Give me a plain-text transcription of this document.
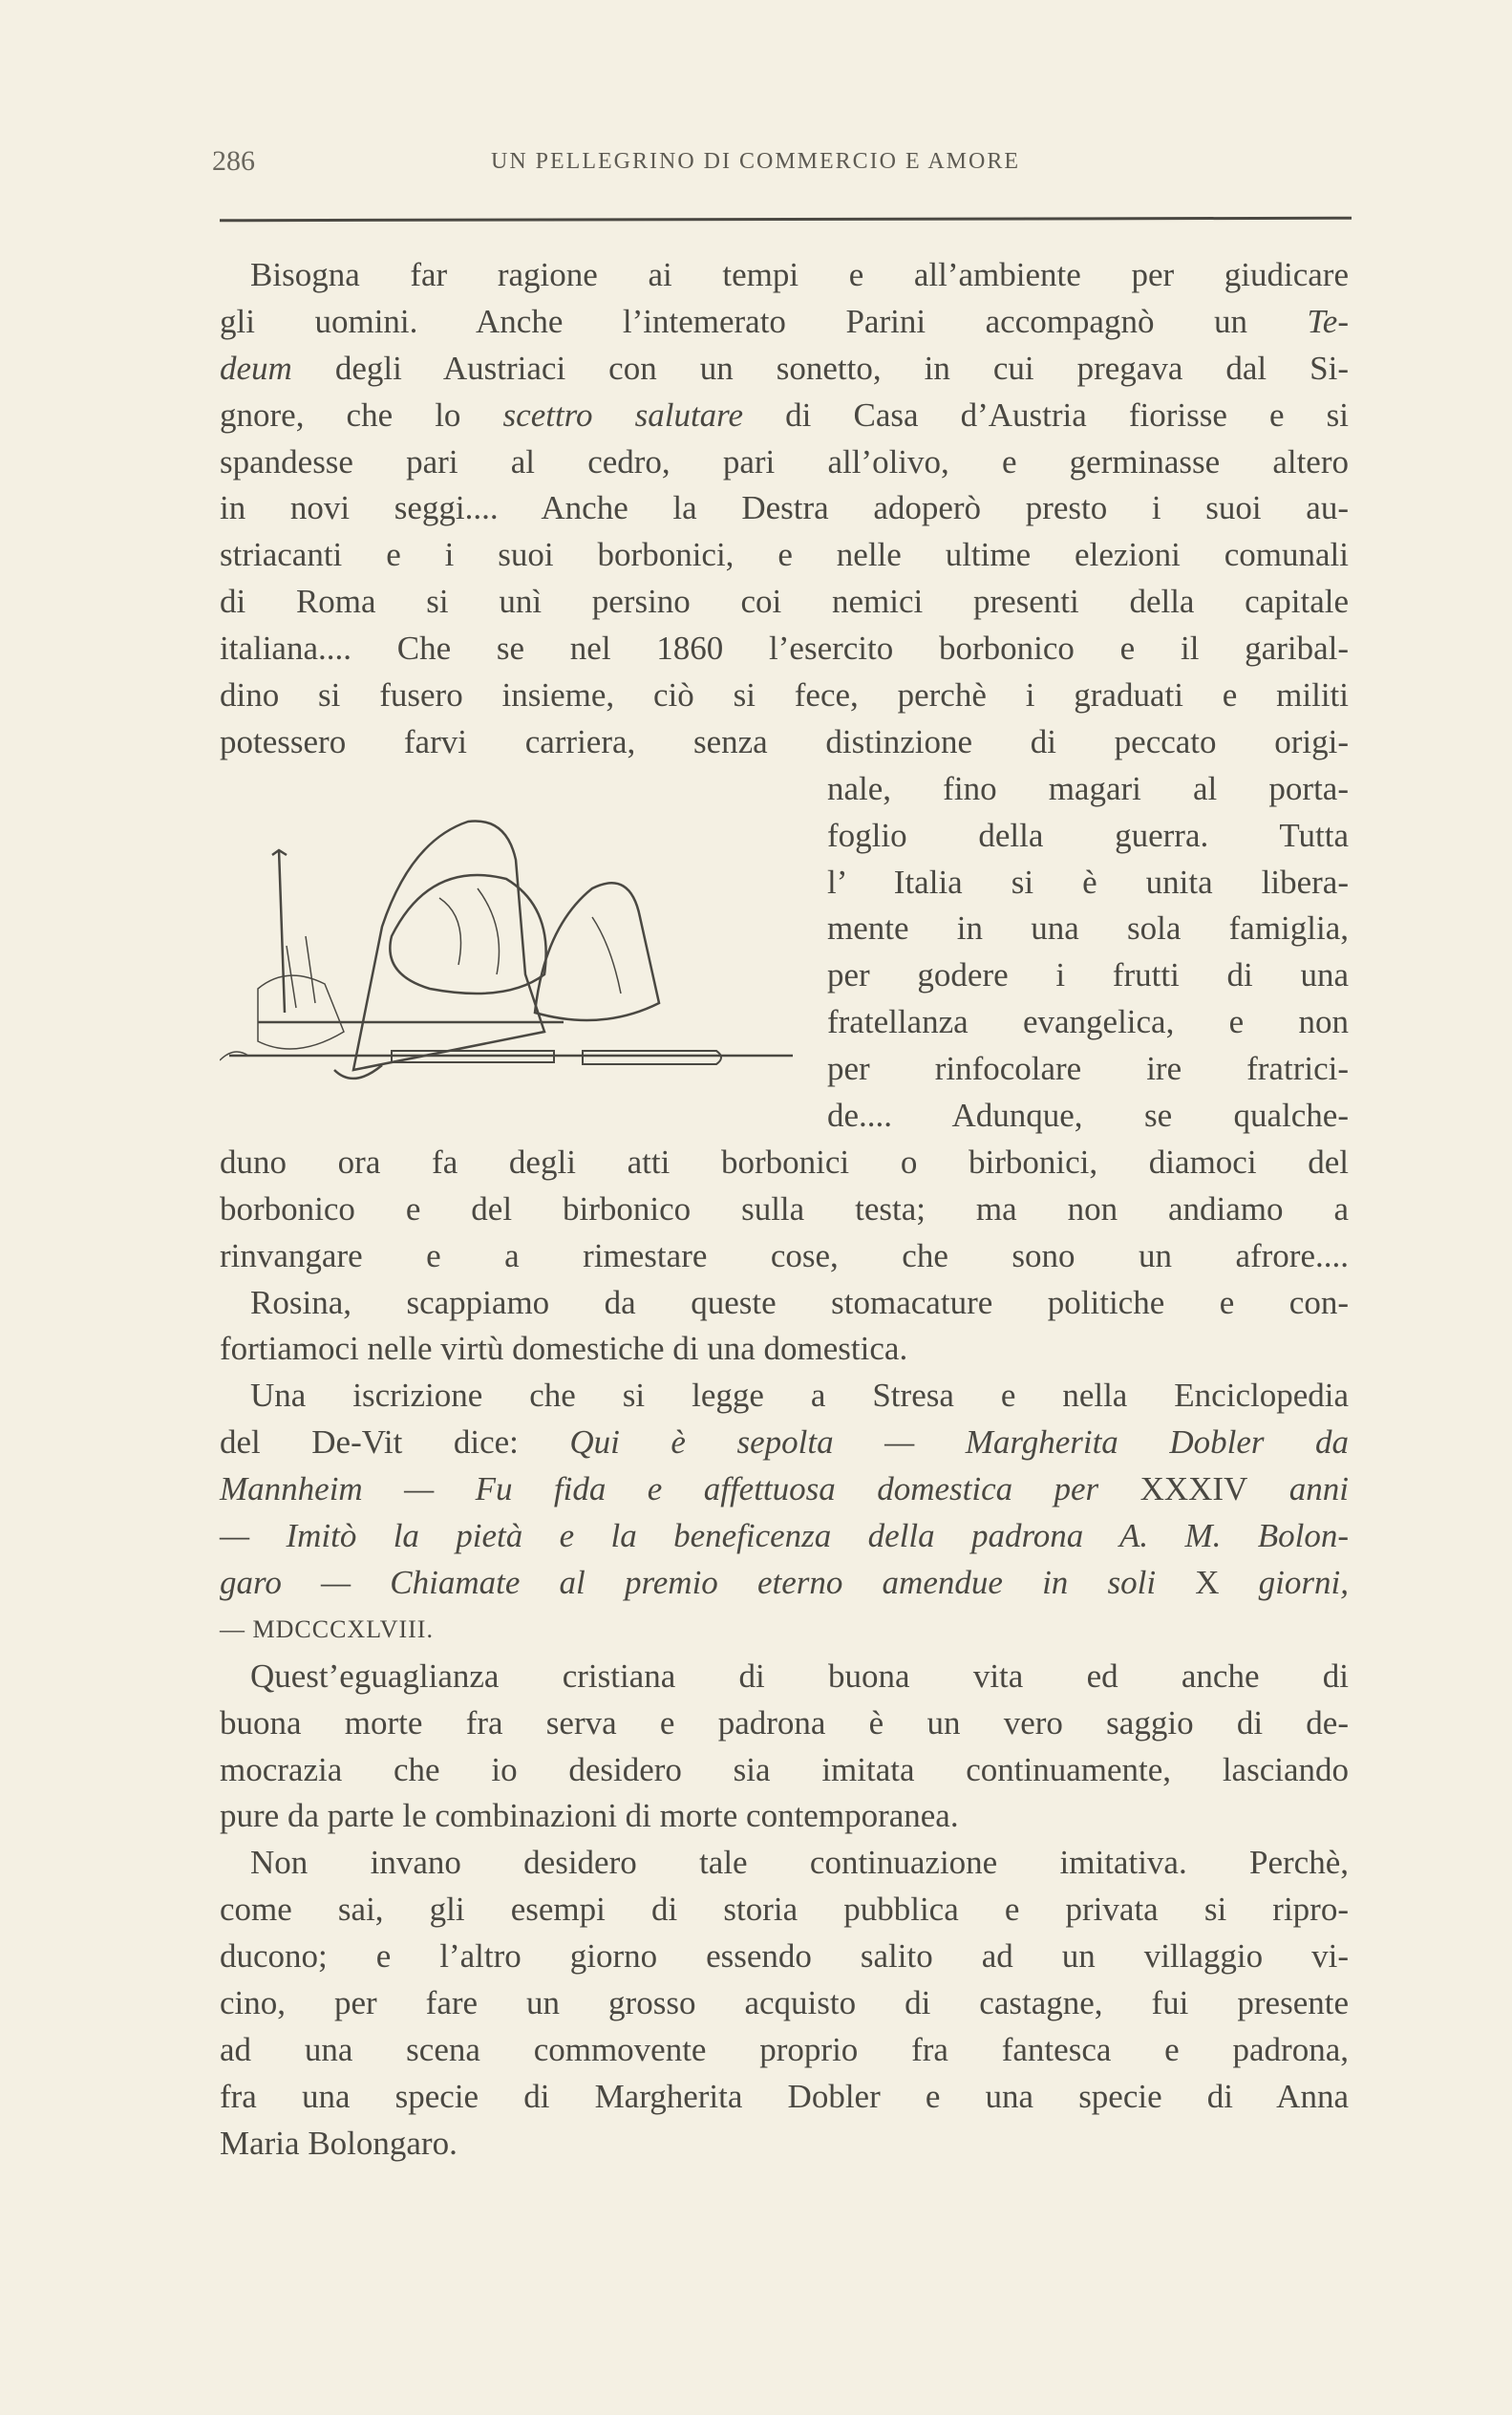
286	UN PELLEGRINO DI COMMERCIO E AMORE
Bisogna far ragione ai tempi e all’ambiente per giudicare
gli uomini. Anche l’intemerato Parini accompagnò un Te-
deum degli Austriaci con un sonetto, in cui pregava dal Si-
gnore, che lo scettro salutare di Casa d’Austria fiorisse e si
spandesse pari al cedro, pari all’olivo, e germinasse altero
in novi seggi.... Anche la Destra adoperò presto i suoi au-
striacanti e i suoi borbonici, e nelle ultime elezioni comunali
di Roma si unì persino coi nemici presenti della capitale
italiana.... Che se nel 1860 l’esercito borbonico e il garibal-
dino si fusero insieme, ciò si fece, perchè i graduati e militi
potessero farvi carriera, senza distinzione di peccato origi-
nale, fino magari al porta-
foglio della guerra. Tutta
l’ Italia si è unita libera-
mente in una sola famiglia,
per godere i frutti di una
fratellanza evangelica, e non
per rinfocolare ire fratrici-
de.... Adunque, se qualche-
duno ora fa degli atti borbonici o birbonici, diamoci del
borbonico e del birbonico sulla testa; ma non andiamo a
rinvangare e a rimestare cose, che sono un afrore....
Rosina, scappiamo da queste stomacature politiche e con-
fortiamoci nelle virtù domestiche di una domestica.
Una iscrizione che si legge a Stresa e nella Enciclopedia
del De-Vit dice: Qui è sepolta — Margherita Dobler da
Mannheim — Fu fida e affettuosa domestica per XXXIV anni
— Imitò la pietà e la beneficenza della padrona A. M. Bolon-
garo — Chiamate al premio eterno amendue in soli X giorni,
— MDCCCXLVIII.
Quest’eguaglianza cristiana di buona vita ed anche di
buona morte fra serva e padrona è un vero saggio di de-
mocrazia che io desidero sia imitata continuamente, lasciando
pure da parte le combinazioni di morte contemporanea.
Non invano desidero tale continuazione imitativa. Perchè,
come sai, gli esempi di storia pubblica e privata si ripro-
ducono; e l’altro giorno essendo salito ad un villaggio vi-
cino, per fare un grosso acquisto di castagne, fui presente
ad una scena commovente proprio fra fantesca e padrona,
fra una specie di Margherita Dobler e una specie di Anna
Maria Bolongaro.
